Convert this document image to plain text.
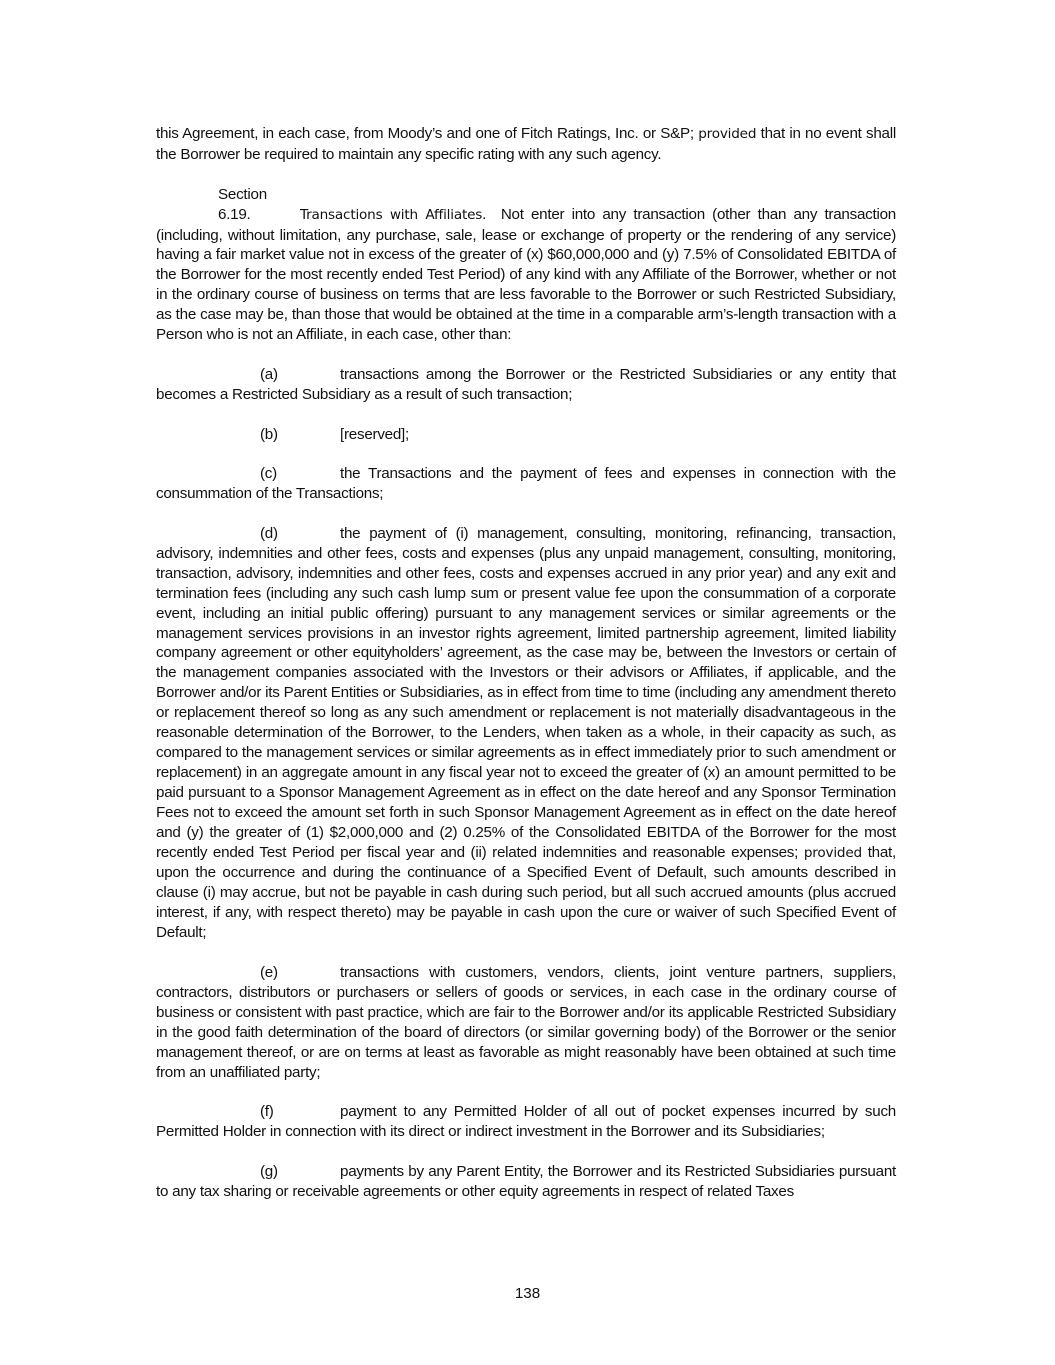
this Agreement, in each case, from Moody’s and one of Fitch Ratings, Inc. or S&P; provided that in no event shall the Borrower be required to maintain any specific rating with any such agency.

Section 6.19.	Transactions with Affiliates. Not enter into any transaction (other than any transaction (including, without limitation, any purchase, sale, lease or exchange of property or the rendering of any service) having a fair market value not in excess of the greater of (x) $60,000,000 and (y) 7.5% of Consolidated EBITDA of the Borrower for the most recently ended Test Period) of any kind with any Affiliate of the Borrower, whether or not in the ordinary course of business on terms that are less favorable to the Borrower or such Restricted Subsidiary, as the case may be, than those that would be obtained at the time in a comparable arm’s-length transaction with a Person who is not an Affiliate, in each case, other than:

(a)	transactions among the Borrower or the Restricted Subsidiaries or any entity that becomes a Restricted Subsidiary as a result of such transaction;

(b)	[reserved];

(c)	the Transactions and the payment of fees and expenses in connection with the consummation of the Transactions;

(d)	the payment of (i) management, consulting, monitoring, refinancing, transaction, advisory, indemnities and other fees, costs and expenses (plus any unpaid management, consulting, monitoring, transaction, advisory, indemnities and other fees, costs and expenses accrued in any prior year) and any exit and termination fees (including any such cash lump sum or present value fee upon the consummation of a corporate event, including an initial public offering) pursuant to any management services or similar agreements or the management services provisions in an investor rights agreement, limited partnership agreement, limited liability company agreement or other equityholders’ agreement, as the case may be, between the Investors or certain of the management companies associated with the Investors or their advisors or Affiliates, if applicable, and the Borrower and/or its Parent Entities or Subsidiaries, as in effect from time to time (including any amendment thereto or replacement thereof so long as any such amendment or replacement is not materially disadvantageous in the reasonable determination of the Borrower, to the Lenders, when taken as a whole, in their capacity as such, as compared to the management services or similar agreements as in effect immediately prior to such amendment or replacement) in an aggregate amount in any fiscal year not to exceed the greater of (x) an amount permitted to be paid pursuant to a Sponsor Management Agreement as in effect on the date hereof and any Sponsor Termination Fees not to exceed the amount set forth in such Sponsor Management Agreement as in effect on the date hereof and (y) the greater of (1) $2,000,000 and (2) 0.25% of the Consolidated EBITDA of the Borrower for the most recently ended Test Period per fiscal year and (ii) related indemnities and reasonable expenses; provided that, upon the occurrence and during the continuance of a Specified Event of Default, such amounts described in clause (i) may accrue, but not be payable in cash during such period, but all such accrued amounts (plus accrued interest, if any, with respect thereto) may be payable in cash upon the cure or waiver of such Specified Event of Default;

(e)	transactions with customers, vendors, clients, joint venture partners, suppliers, contractors, distributors or purchasers or sellers of goods or services, in each case in the ordinary course of business or consistent with past practice, which are fair to the Borrower and/or its applicable Restricted Subsidiary in the good faith determination of the board of directors (or similar governing body) of the Borrower or the senior management thereof, or are on terms at least as favorable as might reasonably have been obtained at such time from an unaffiliated party;

(f)	payment to any Permitted Holder of all out of pocket expenses incurred by such Permitted Holder in connection with its direct or indirect investment in the Borrower and its Subsidiaries;

(g)	payments by any Parent Entity, the Borrower and its Restricted Subsidiaries pursuant to any tax sharing or receivable agreements or other equity agreements in respect of related Taxes

138
